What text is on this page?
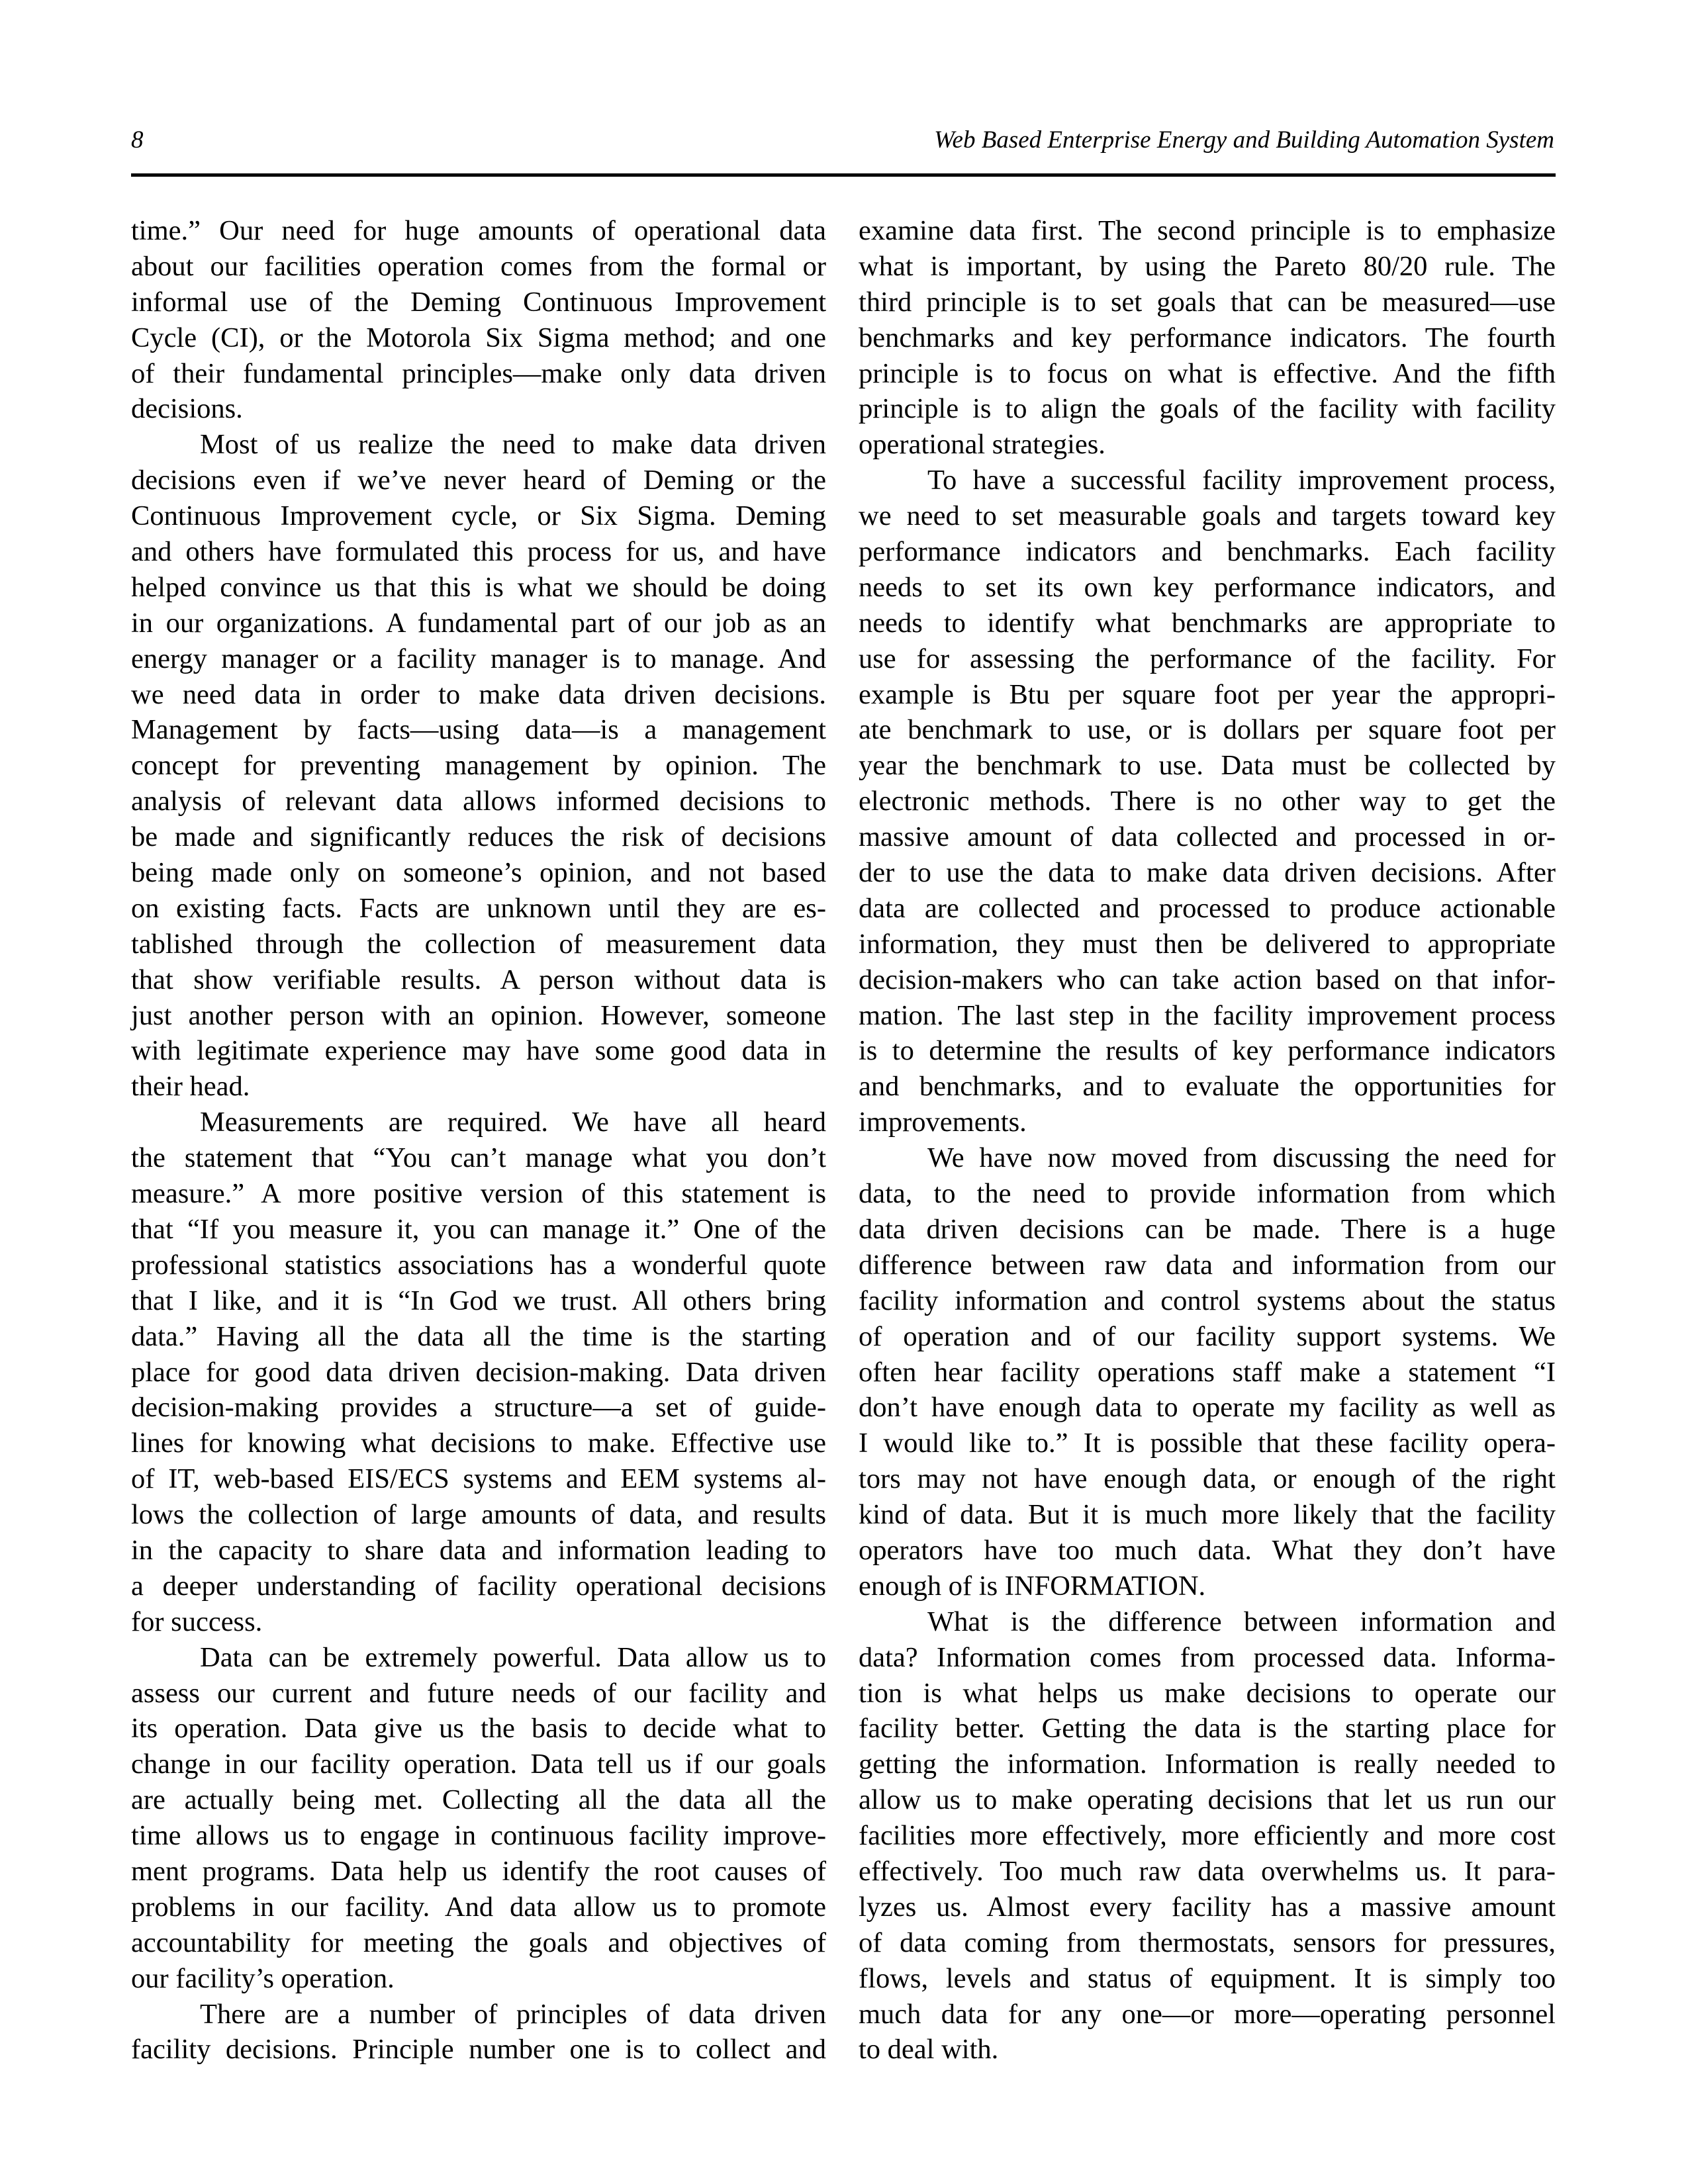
8	Web Based Enterprise Energy and Building Automation System
time.” Our need for huge amounts of operational data
about our facilities operation comes from the formal or
informal use of the Deming Continuous Improvement
Cycle (CI), or the Motorola Six Sigma method; and one
of their fundamental principles—make only data driven
decisions.
Most of us realize the need to make data driven
decisions even if we’ve never heard of Deming or the
Continuous Improvement cycle, or Six Sigma. Deming
and others have formulated this process for us, and have
helped convince us that this is what we should be doing
in our organizations. A fundamental part of our job as an
energy manager or a facility manager is to manage. And
we need data in order to make data driven decisions.
Management by facts—using data—is a management
concept for preventing management by opinion. The
analysis of relevant data allows informed decisions to
be made and significantly reduces the risk of decisions
being made only on someone’s opinion, and not based
on existing facts. Facts are unknown until they are es-
tablished through the collection of measurement data
that show verifiable results. A person without data is
just another person with an opinion. However, someone
with legitimate experience may have some good data in
their head.
Measurements are required. We have all heard
the statement that “You can’t manage what you don’t
measure.” A more positive version of this statement is
that “If you measure it, you can manage it.” One of the
professional statistics associations has a wonderful quote
that I like, and it is “In God we trust. All others bring
data.” Having all the data all the time is the starting
place for good data driven decision-making. Data driven
decision-making provides a structure—a set of guide-
lines for knowing what decisions to make. Effective use
of IT, web-based EIS/ECS systems and EEM systems al-
lows the collection of large amounts of data, and results
in the capacity to share data and information leading to
a deeper understanding of facility operational decisions
for success.
Data can be extremely powerful. Data allow us to
assess our current and future needs of our facility and
its operation. Data give us the basis to decide what to
change in our facility operation. Data tell us if our goals
are actually being met. Collecting all the data all the
time allows us to engage in continuous facility improve-
ment programs. Data help us identify the root causes of
problems in our facility. And data allow us to promote
accountability for meeting the goals and objectives of
our facility’s operation.
There are a number of principles of data driven
facility decisions. Principle number one is to collect and
examine data first. The second principle is to emphasize
what is important, by using the Pareto 80/20 rule. The
third principle is to set goals that can be measured—use
benchmarks and key performance indicators. The fourth
principle is to focus on what is effective. And the fifth
principle is to align the goals of the facility with facility
operational strategies.
To have a successful facility improvement process,
we need to set measurable goals and targets toward key
performance indicators and benchmarks. Each facility
needs to set its own key performance indicators, and
needs to identify what benchmarks are appropriate to
use for assessing the performance of the facility. For
example is Btu per square foot per year the appropri-
ate benchmark to use, or is dollars per square foot per
year the benchmark to use. Data must be collected by
electronic methods. There is no other way to get the
massive amount of data collected and processed in or-
der to use the data to make data driven decisions. After
data are collected and processed to produce actionable
information, they must then be delivered to appropriate
decision-makers who can take action based on that infor-
mation. The last step in the facility improvement process
is to determine the results of key performance indicators
and benchmarks, and to evaluate the opportunities for
improvements.
We have now moved from discussing the need for
data, to the need to provide information from which
data driven decisions can be made. There is a huge
difference between raw data and information from our
facility information and control systems about the status
of operation and of our facility support systems. We
often hear facility operations staff make a statement “I
don’t have enough data to operate my facility as well as
I would like to.” It is possible that these facility opera-
tors may not have enough data, or enough of the right
kind of data. But it is much more likely that the facility
operators have too much data. What they don’t have
enough of is INFORMATION.
What is the difference between information and
data? Information comes from processed data. Informa-
tion is what helps us make decisions to operate our
facility better. Getting the data is the starting place for
getting the information. Information is really needed to
allow us to make operating decisions that let us run our
facilities more effectively, more efficiently and more cost
effectively. Too much raw data overwhelms us. It para-
lyzes us. Almost every facility has a massive amount
of data coming from thermostats, sensors for pressures,
flows, levels and status of equipment. It is simply too
much data for any one—or more—operating personnel
to deal with.
